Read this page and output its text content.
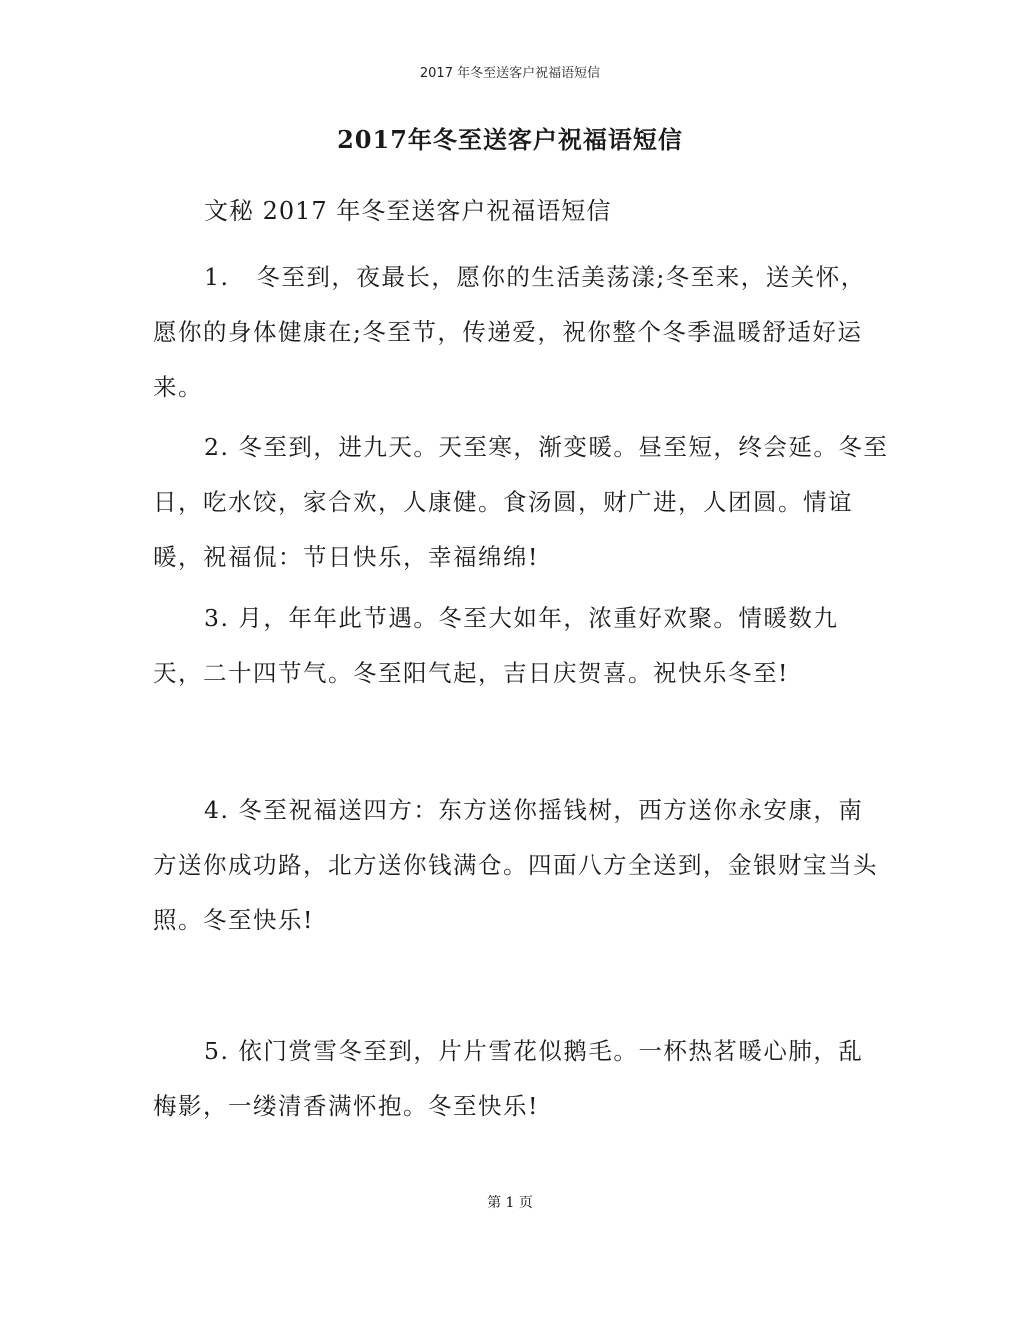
2017 年冬至送客户祝福语短信
2017年冬至送客户祝福语短信
文秘 2017 年冬至送客户祝福语短信

1. 冬至到，夜最长，愿你的生活美荡漾;冬至来，送关怀，愿你的身体健康在;冬至节，传递爱，祝你整个冬季温暖舒适好运来。

2. 冬至到，进九天。天至寒，渐变暖。昼至短，终会延。冬至日，吃水饺，家合欢，人康健。食汤圆，财广进，人团圆。情谊暖，祝福侃：节日快乐，幸福绵绵!

3. 月，年年此节遇。冬至大如年，浓重好欢聚。情暖数九天，二十四节气。冬至阳气起，吉日庆贺喜。祝快乐冬至!

4. 冬至祝福送四方：东方送你摇钱树，西方送你永安康，南方送你成功路，北方送你钱满仓。四面八方全送到，金银财宝当头照。冬至快乐!

5. 依门赏雪冬至到，片片雪花似鹅毛。一杯热茗暖心肺，乱梅影，一缕清香满怀抱。冬至快乐!

第 1 页
